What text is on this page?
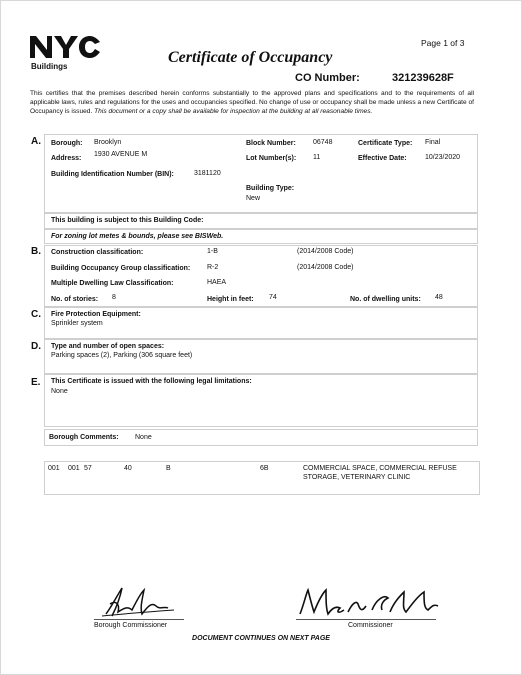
Buildings
Certificate of Occupancy
Page 1 of 3
CO Number:	321239628F
This certifies that the premises described herein conforms substantially to the approved plans and specifications and to the requirements of all applicable laws, rules and regulations for the uses and occupancies specified. No change of use or occupancy shall be made unless a new Certificate of Occupancy is issued. This document or a copy shall be available for inspection at the building at all reasonable times.
A. Borough: Brooklyn
Address:
1930 AVENUE M
Building Identification Number (BIN):	3181120
Block Number: 06748
Lot Number(s): 11
Building Type:
New
Certificate Type: Final
Effective Date:	10/23/2020
This building is subject to this Building Code:
For zoning lot metes & bounds, please see BISWeb.
B. Construction classification:	1-B	(2014/2008 Code)
Building Occupancy Group classification: R-2	(2014/2008 Code)
Multiple Dwelling Law Classification:	HAEA
No. of stories: 8	Height in feet: 74	No. of dwelling units: 48
C. Fire Protection Equipment:
Sprinkler system
D. Type and number of open spaces:
Parking spaces (2), Parking (306 square feet)
E. This Certificate is issued with the following legal limitations:
None
Borough Comments: None
001 001 57	40	B	6B	COMMERCIAL SPACE, COMMERCIAL REFUSE
STORAGE, VETERINARY CLINIC
Borough Commissioner	Commissioner
DOCUMENT CONTINUES ON NEXT PAGE
